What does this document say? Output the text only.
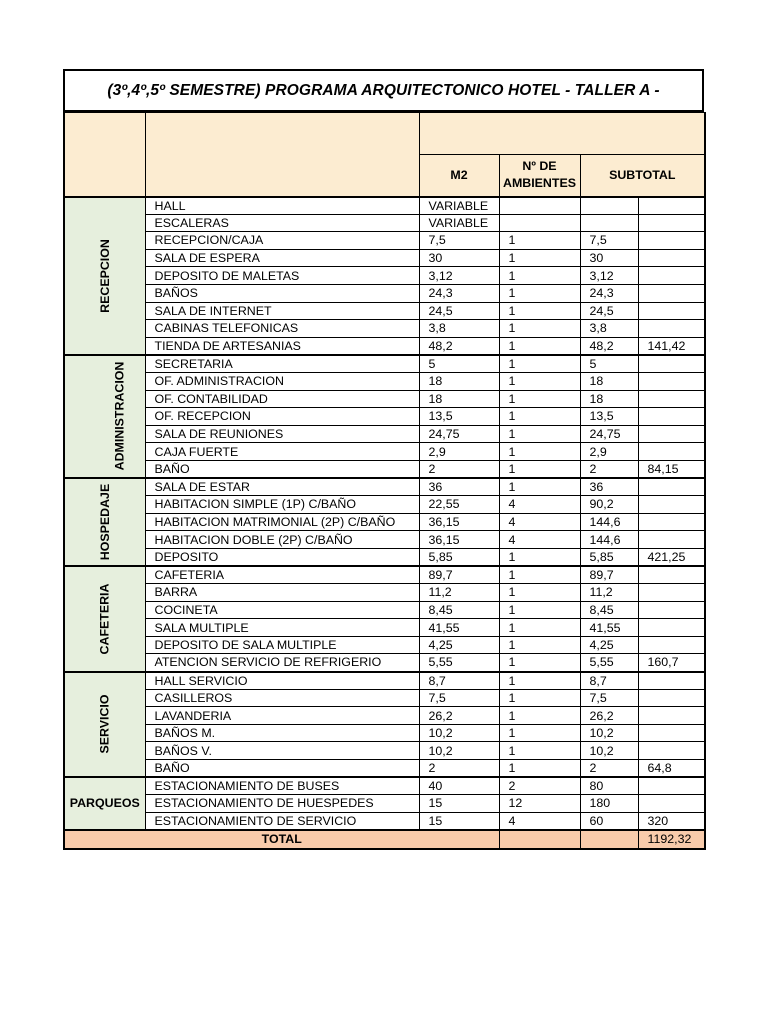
(3º,4º,5º SEMESTRE) PROGRAMA ARQUITECTONICO HOTEL - TALLER A -

		M2	Nº DE
AMBIENTES	SUBTOTAL	
RECEPCION	HALL	VARIABLE			
	ESCALERAS	VARIABLE			
	RECEPCION/CAJA	7,5	1	7,5	
	SALA DE ESPERA	30	1	30	
	DEPOSITO DE MALETAS	3,12	1	3,12	
	BAÑOS	24,3	1	24,3	
	SALA DE INTERNET	24,5	1	24,5	
	CABINAS TELEFONICAS	3,8	1	3,8	
	TIENDA DE ARTESANIAS	48,2	1	48,2	141,42
ADMINISTRACION	SECRETARIA	5	1	5	
	OF. ADMINISTRACION	18	1	18	
	OF. CONTABILIDAD	18	1	18	
	OF. RECEPCION	13,5	1	13,5	
	SALA DE REUNIONES	24,75	1	24,75	
	CAJA FUERTE	2,9	1	2,9	
	BAÑO	2	1	2	84,15
HOSPEDAJE	SALA DE ESTAR	36	1	36	
	HABITACION SIMPLE (1P) C/BAÑO	22,55	4	90,2	
	HABITACION MATRIMONIAL (2P) C/BAÑO	36,15	4	144,6	
	HABITACION DOBLE (2P) C/BAÑO	36,15	4	144,6	
	DEPOSITO	5,85	1	5,85	421,25
CAFETERIA	CAFETERIA	89,7	1	89,7	
	BARRA	11,2	1	11,2	
	COCINETA	8,45	1	8,45	
	SALA MULTIPLE	41,55	1	41,55	
	DEPOSITO DE SALA MULTIPLE	4,25	1	4,25	
	ATENCION SERVICIO DE REFRIGERIO	5,55	1	5,55	160,7
SERVICIO	HALL SERVICIO	8,7	1	8,7	
	CASILLEROS	7,5	1	7,5	
	LAVANDERIA	26,2	1	26,2	
	BAÑOS M.	10,2	1	10,2	
	BAÑOS V.	10,2	1	10,2	
	BAÑO	2	1	2	64,8
PARQUEOS	ESTACIONAMIENTO DE BUSES	40	2	80	
	ESTACIONAMIENTO DE HUESPEDES	15	12	180	
	ESTACIONAMIENTO DE SERVICIO	15	4	60	320
TOTAL					1192,32
